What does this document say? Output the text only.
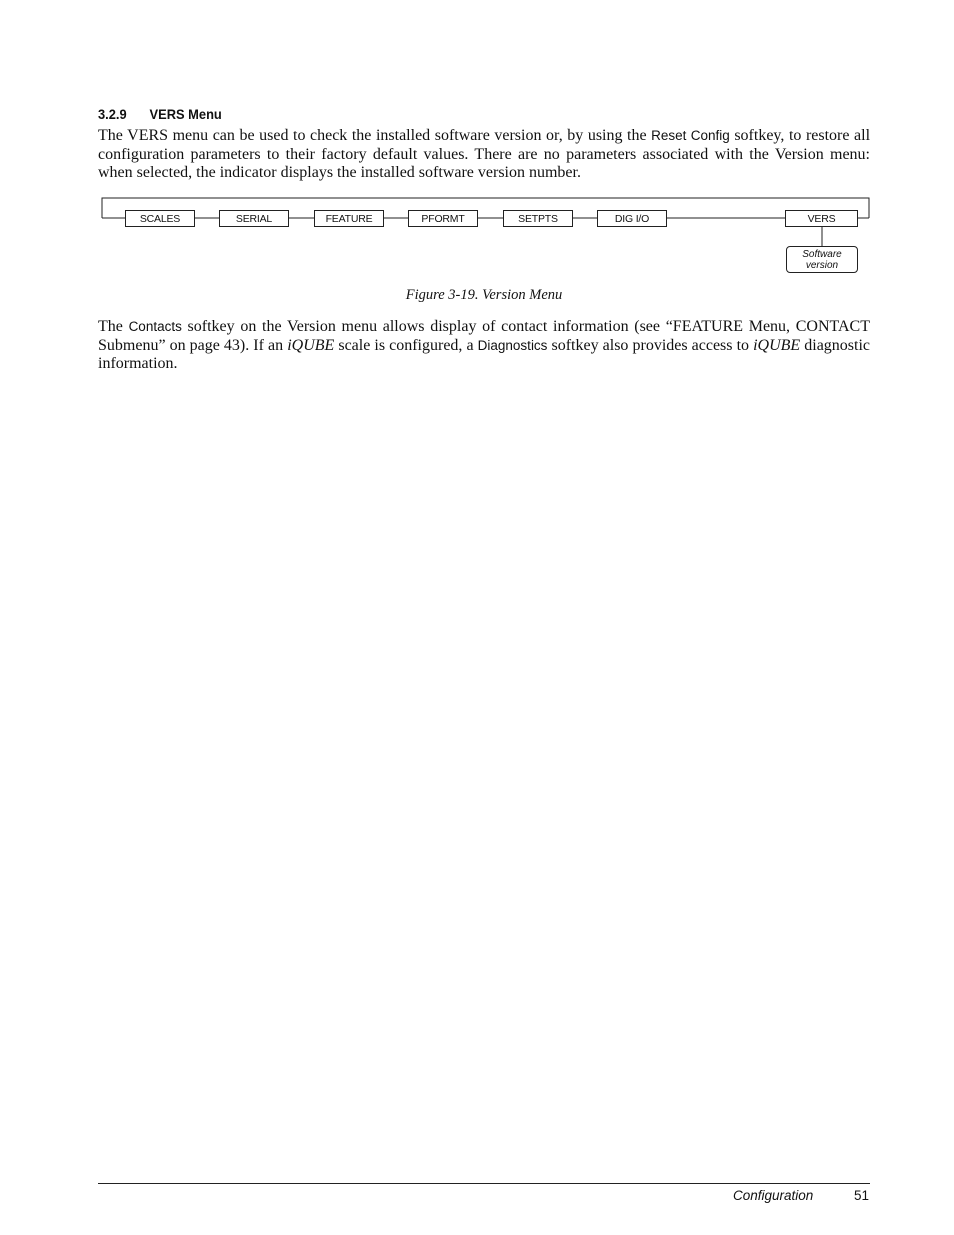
3.2.9 VERS Menu

The VERS menu can be used to check the installed software version or, by using the Reset Config softkey, to restore all configuration parameters to their factory default values. There are no parameters associated with the Version menu: when selected, the indicator displays the installed software version number.

SCALES	SERIAL	FEATURE	PFORMT	SETPTS	DIG I/O	VERS
Software
version
Figure 3-19. Version Menu

The Contacts softkey on the Version menu allows display of contact information (see “FEATURE Menu, CONTACT Submenu” on page 43). If an iQUBE scale is configured, a Diagnostics softkey also provides access to iQUBE diagnostic information.

Configuration	51
